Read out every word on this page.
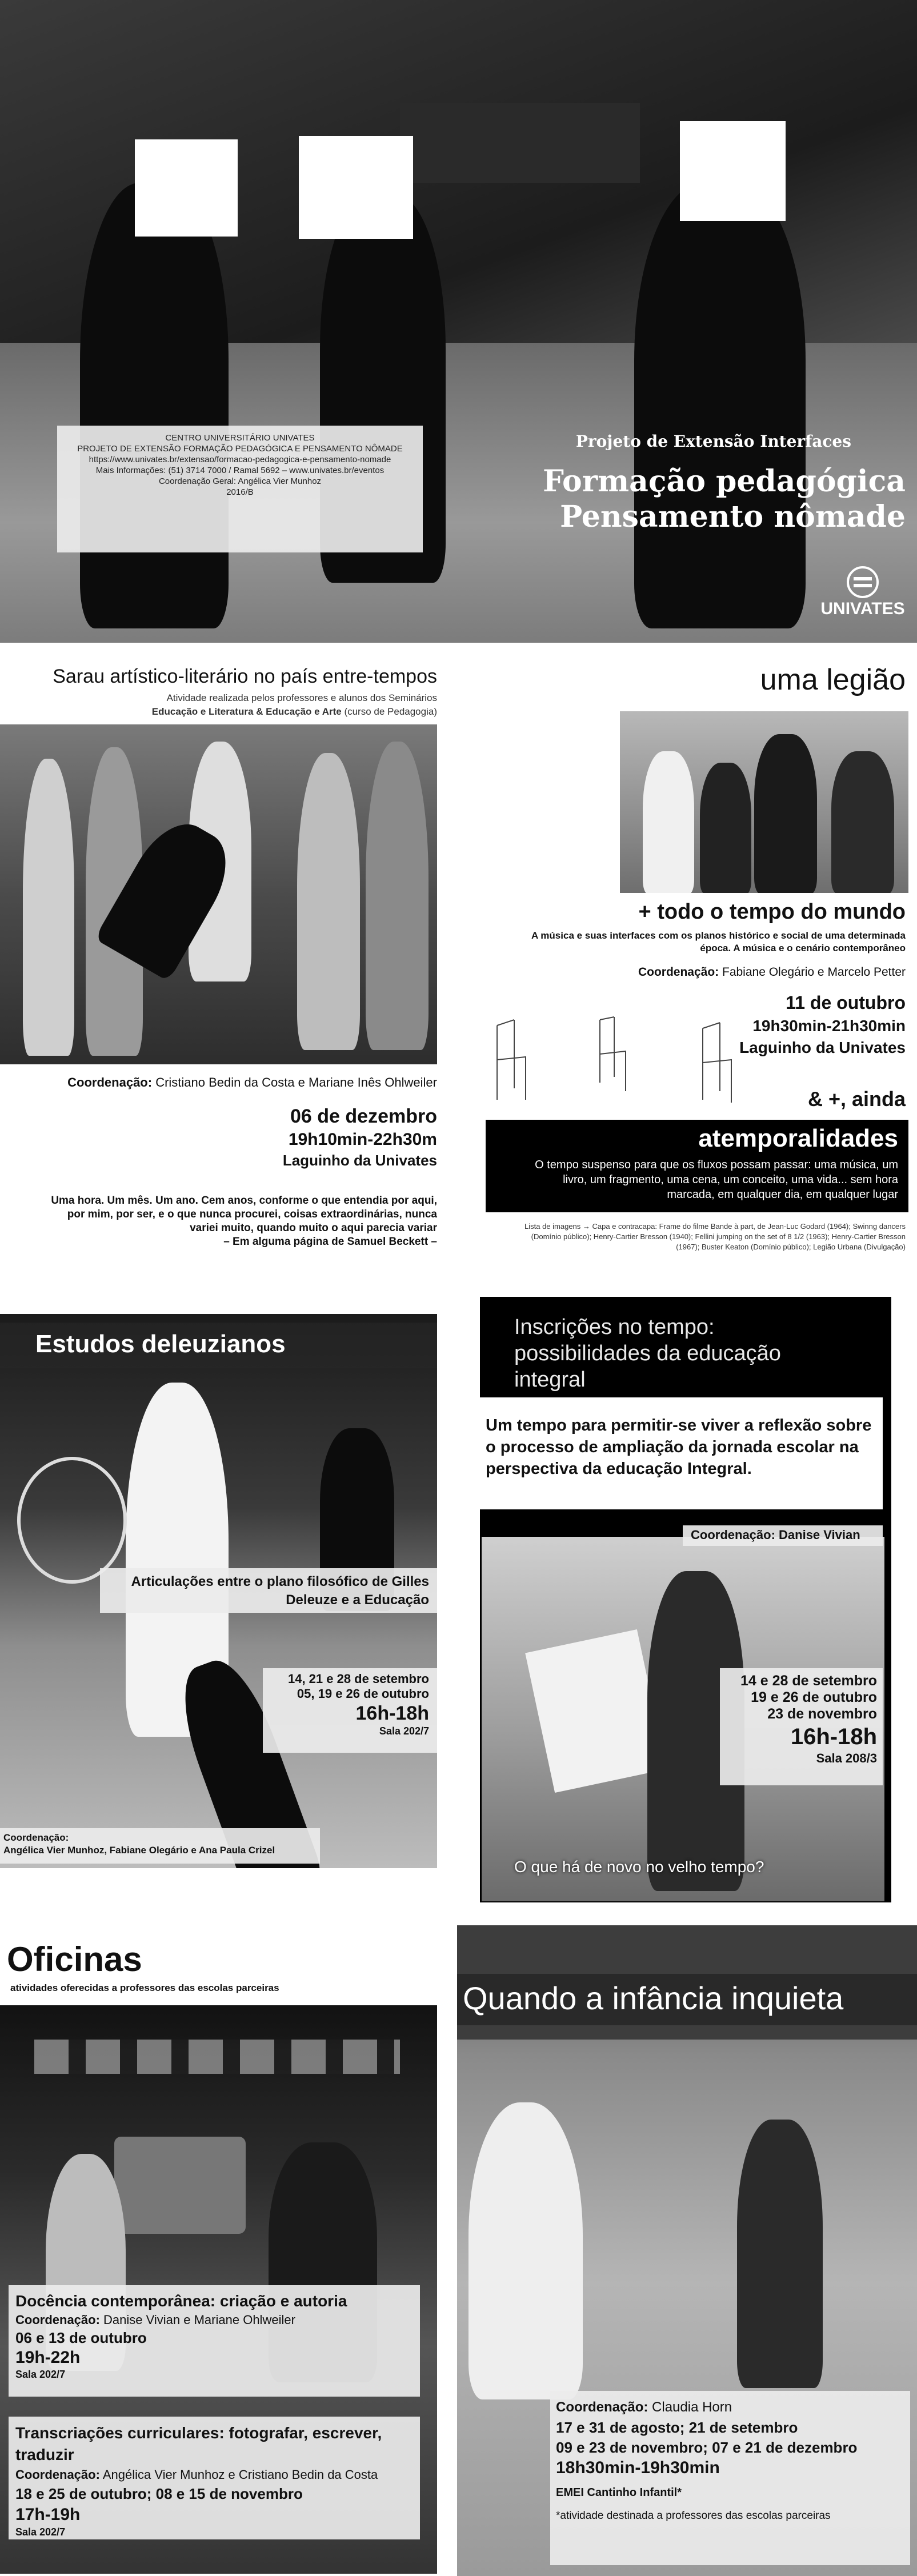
Projeto de Extensão Interfaces
Formação pedagógica
Pensamento nômade
CENTRO UNIVERSITÁRIO UNIVATES
PROJETO DE EXTENSÃO FORMAÇÃO PEDAGÓGICA E PENSAMENTO NÔMADE
https://www.univates.br/extensao/formacao-pedagogica-e-pensamento-nomade
Mais Informações: (51) 3714 7000 / Ramal 5692 – www.univates.br/eventos
Coordenação Geral: Angélica Vier Munhoz
2016/B
UNIVATES
Sarau artístico-literário no país entre-tempos
Atividade realizada pelos professores e alunos dos Seminários
Educação e Literatura & Educação e Arte (curso de Pedagogia)
Coordenação: Cristiano Bedin da Costa e Mariane Inês Ohlweiler
06 de dezembro
19h10min-22h30m
Laguinho da Univates
Uma hora. Um mês. Um ano. Cem anos, conforme o que entendia por aqui,
por mim, por ser, e o que nunca procurei, coisas extraordinárias, nunca
variei muito, quando muito o aqui parecia variar
– Em alguma página de Samuel Beckett –
uma legião
+ todo o tempo do mundo
A música e suas interfaces com os planos histórico e social de uma determinada
época. A música e o cenário contemporâneo
Coordenação: Fabiane Olegário e Marcelo Petter
11 de outubro
19h30min-21h30min
Laguinho da Univates
& +, ainda
atemporalidades
O tempo suspenso para que os fluxos possam passar: uma música, um
livro, um fragmento, uma cena, um conceito, uma vida... sem hora
marcada, em qualquer dia, em qualquer lugar
Lista de imagens → Capa e contracapa: Frame do filme Bande à part, de Jean-Luc Godard (1964); Swinng dancers
(Domínio público); Henry-Cartier Bresson (1940); Fellini jumping on the set of 8 1/2 (1963); Henry-Cartier Bresson
(1967); Buster Keaton (Domínio público); Legião Urbana (Divulgação)
Estudos deleuzianos
Articulações entre o plano filosófico de Gilles
Deleuze e a Educação
14, 21 e 28 de setembro
05, 19 e 26 de outubro
16h-18h
Sala 202/7
Coordenação:
Angélica Vier Munhoz, Fabiane Olegário e Ana Paula Crizel
Inscrições no tempo:
possibilidades da educação integral
Um tempo para permitir-se viver a reflexão sobre
o processo de ampliação da jornada escolar na
perspectiva da educação Integral.
Coordenação: Danise Vivian
14 e 28 de setembro
19 e 26 de outubro
23 de novembro
16h-18h
Sala 208/3
O que há de novo no velho tempo?
Oficinas
atividades oferecidas a professores das escolas parceiras
Docência contemporânea: criação e autoria
Coordenação: Danise Vivian e Mariane Ohlweiler
06 e 13 de outubro
19h-22h
Sala 202/7
Transcriações curriculares: fotografar, escrever, traduzir
Coordenação: Angélica Vier Munhoz e Cristiano Bedin da Costa
18 e 25 de outubro; 08 e 15 de novembro
17h-19h
Sala 202/7
Quando a infância inquieta
Coordenação: Claudia Horn
17 e 31 de agosto; 21 de setembro
09 e 23 de novembro; 07 e 21 de dezembro
18h30min-19h30min
EMEI Cantinho Infantil*
*atividade destinada a professores das escolas parceiras
